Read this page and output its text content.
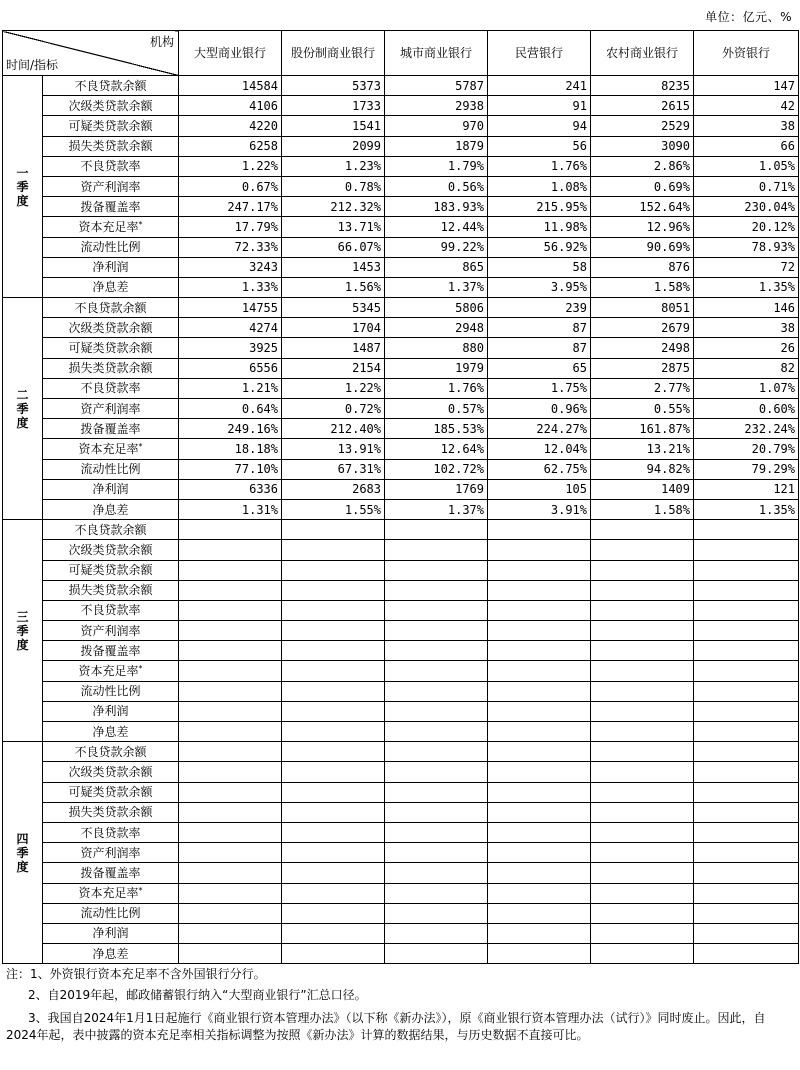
单位：亿元、%
机构
时间/指标		大型商业银行	股份制商业银行	城市商业银行	民营银行	农村商业银行	外资银行
一
季
度	不良贷款余额	14584	5373	5787	241	8235	147
	次级类贷款余额	4106	1733	2938	91	2615	42
	可疑类贷款余额	4220	1541	970	94	2529	38
	损失类贷款余额	6258	2099	1879	56	3090	66
	不良贷款率	1.22%	1.23%	1.79%	1.76%	2.86%	1.05%
	资产利润率	0.67%	0.78%	0.56%	1.08%	0.69%	0.71%
	拨备覆盖率	247.17%	212.32%	183.93%	215.95%	152.64%	230.04%
	资本充足率*	17.79%	13.71%	12.44%	11.98%	12.96%	20.12%
	流动性比例	72.33%	66.07%	99.22%	56.92%	90.69%	78.93%
	净利润	3243	1453	865	58	876	72
	净息差	1.33%	1.56%	1.37%	3.95%	1.58%	1.35%
二
季
度	不良贷款余额	14755	5345	5806	239	8051	146
	次级类贷款余额	4274	1704	2948	87	2679	38
	可疑类贷款余额	3925	1487	880	87	2498	26
	损失类贷款余额	6556	2154	1979	65	2875	82
	不良贷款率	1.21%	1.22%	1.76%	1.75%	2.77%	1.07%
	资产利润率	0.64%	0.72%	0.57%	0.96%	0.55%	0.60%
	拨备覆盖率	249.16%	212.40%	185.53%	224.27%	161.87%	232.24%
	资本充足率*	18.18%	13.91%	12.64%	12.04%	13.21%	20.79%
	流动性比例	77.10%	67.31%	102.72%	62.75%	94.82%	79.29%
	净利润	6336	2683	1769	105	1409	121
	净息差	1.31%	1.55%	1.37%	3.91%	1.58%	1.35%
三
季
度	不良贷款余额						
	次级类贷款余额						
	可疑类贷款余额						
	损失类贷款余额						
	不良贷款率						
	资产利润率						
	拨备覆盖率						
	资本充足率*						
	流动性比例						
	净利润						
	净息差						
四
季
度	不良贷款余额						
	次级类贷款余额						
	可疑类贷款余额						
	损失类贷款余额						
	不良贷款率						
	资产利润率						
	拨备覆盖率						
	资本充足率*						
	流动性比例						
	净利润						
	净息差						

注：1、外资银行资本充足率不含外国银行分行。

2、自2019年起，邮政储蓄银行纳入“大型商业银行”汇总口径。

3、我国自2024年1月1日起施行《商业银行资本管理办法》（以下称《新办法》），原《商业银行资本管理办法（试行）》同时废止。因此，自2024年起，表中披露的资本充足率相关指标调整为按照《新办法》计算的数据结果，与历史数据不直接可比。
